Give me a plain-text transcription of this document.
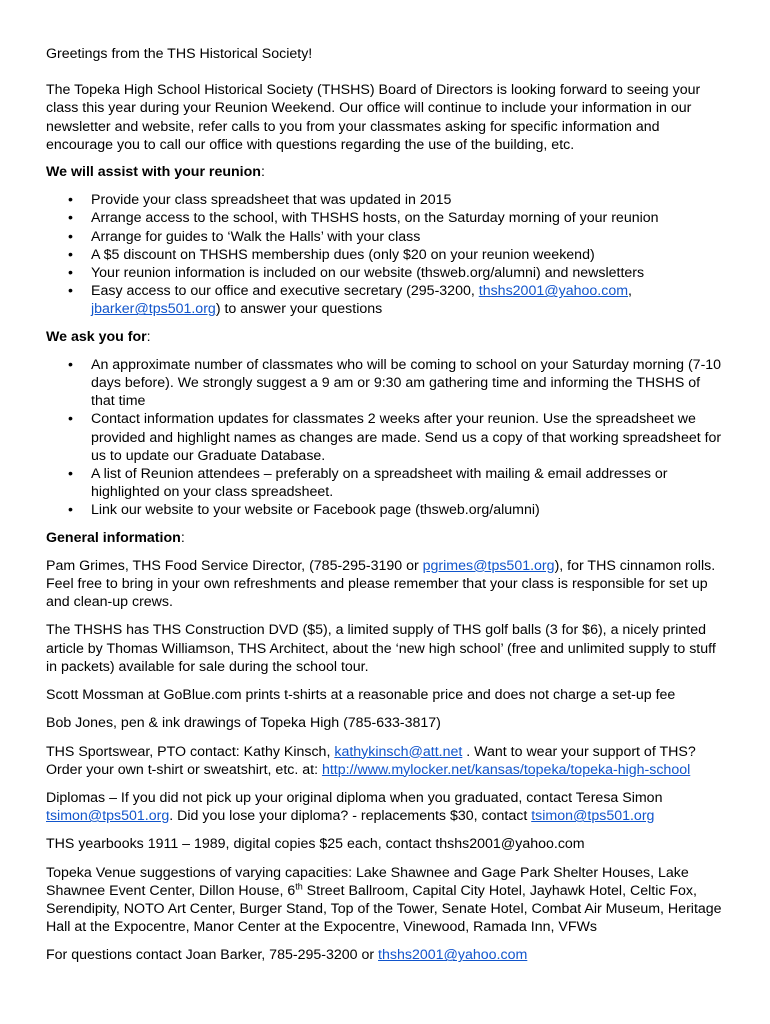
Greetings from the THS Historical Society!

The Topeka High School Historical Society (THSHS) Board of Directors is looking forward to seeing your class this year during your Reunion Weekend. Our office will continue to include your information in our newsletter and website, refer calls to you from your classmates asking for specific information and encourage you to call our office with questions regarding the use of the building, etc.

We will assist with your reunion:

• Provide your class spreadsheet that was updated in 2015
• Arrange access to the school, with THSHS hosts, on the Saturday morning of your reunion
• Arrange for guides to ‘Walk the Halls’ with your class
• A $5 discount on THSHS membership dues (only $20 on your reunion weekend)
• Your reunion information is included on our website (thsweb.org/alumni) and newsletters
• Easy access to our office and executive secretary (295-3200, thshs2001@yahoo.com,
jbarker@tps501.org) to answer your questions

We ask you for:

• An approximate number of classmates who will be coming to school on your Saturday morning (7-10 days before). We strongly suggest a 9 am or 9:30 am gathering time and informing the THSHS of that time
• Contact information updates for classmates 2 weeks after your reunion. Use the spreadsheet we provided and highlight names as changes are made. Send us a copy of that working spreadsheet for us to update our Graduate Database.
• A list of Reunion attendees – preferably on a spreadsheet with mailing & email addresses or highlighted on your class spreadsheet.
• Link our website to your website or Facebook page (thsweb.org/alumni)

General information:

Pam Grimes, THS Food Service Director, (785-295-3190 or pgrimes@tps501.org), for THS cinnamon rolls. Feel free to bring in your own refreshments and please remember that your class is responsible for set up and clean-up crews.

The THSHS has THS Construction DVD ($5), a limited supply of THS golf balls (3 for $6), a nicely printed article by Thomas Williamson, THS Architect, about the ‘new high school’ (free and unlimited supply to stuff in packets) available for sale during the school tour.

Scott Mossman at GoBlue.com prints t-shirts at a reasonable price and does not charge a set-up fee

Bob Jones, pen & ink drawings of Topeka High (785-633-3817)

THS Sportswear, PTO contact: Kathy Kinsch, kathykinsch@att.net . Want to wear your support of THS? Order your own t-shirt or sweatshirt, etc. at: http://www.mylocker.net/kansas/topeka/topeka-high-school

Diplomas – If you did not pick up your original diploma when you graduated, contact Teresa Simon tsimon@tps501.org. Did you lose your diploma? - replacements $30, contact tsimon@tps501.org

THS yearbooks 1911 – 1989, digital copies $25 each, contact thshs2001@yahoo.com

Topeka Venue suggestions of varying capacities: Lake Shawnee and Gage Park Shelter Houses, Lake Shawnee Event Center, Dillon House, 6th Street Ballroom, Capital City Hotel, Jayhawk Hotel, Celtic Fox, Serendipity, NOTO Art Center, Burger Stand, Top of the Tower, Senate Hotel, Combat Air Museum, Heritage Hall at the Expocentre, Manor Center at the Expocentre, Vinewood, Ramada Inn, VFWs

For questions contact Joan Barker, 785-295-3200 or thshs2001@yahoo.com
